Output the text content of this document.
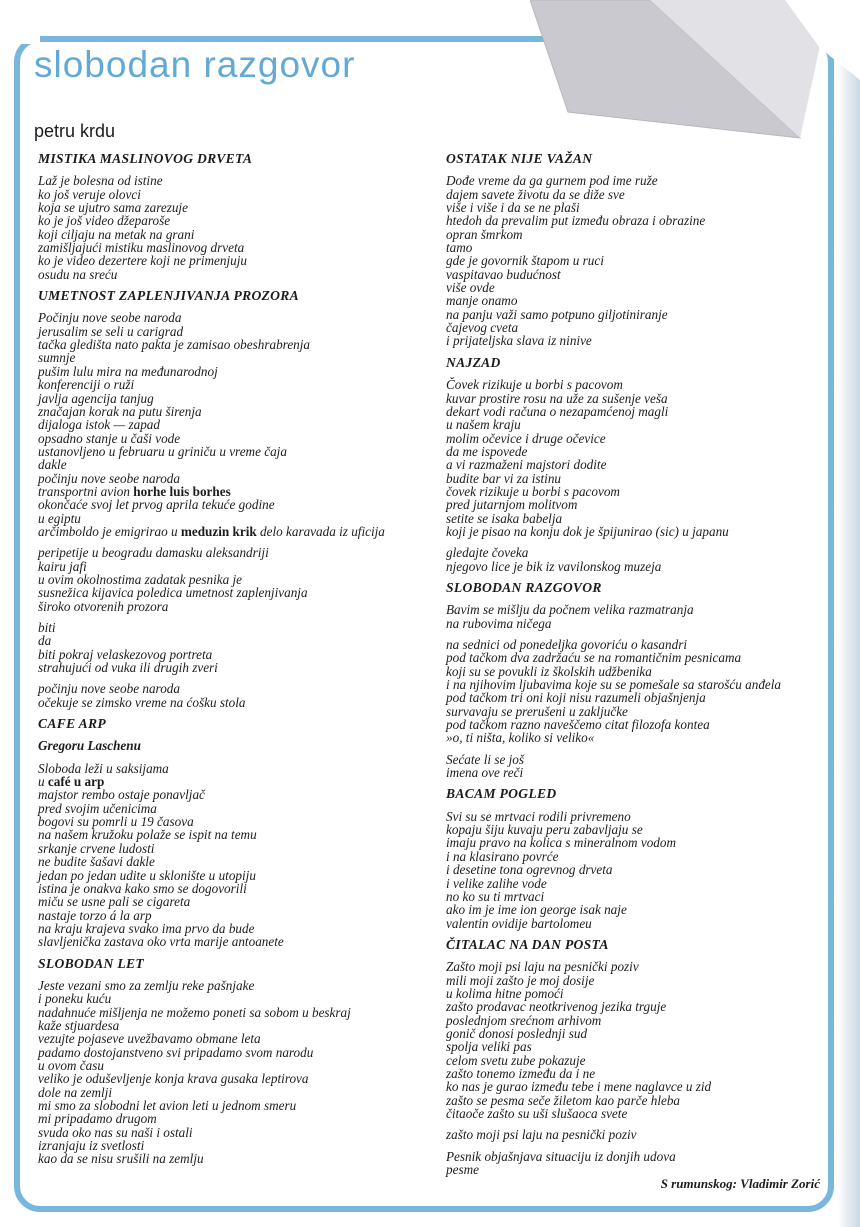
slobodan razgovor
petru krdu
MISTIKA MASLINOVOG DRVETA
Laž je bolesna od istine
ko još veruje olovci
koja se ujutro sama zarezuje
ko je još video džeparoše
koji ciljaju na metak na grani
zamišljajući mistiku maslinovog drveta
ko je video dezertere koji ne primenjuju
osudu na sreću
UMETNOST ZAPLENJIVANJA PROZORA
Počinju nove seobe naroda
jerusalim se seli u carigrad
tačka gledišta nato pakta je zamisao obeshrabrenja
sumnje
pušim lulu mira na međunarodnoj
konferenciji o ruži
javlja agencija tanjug
značajan korak na putu širenja
dijaloga istok — zapad
opsadno stanje u čaši vode
ustanovljeno u februaru u griniču u vreme čaja
dakle
počinju nove seobe naroda
transportni avion horhe luis borhes
okončaće svoj let prvog aprila tekuće godine
u egiptu
arčimboldo je emigrirao u meduzin krik delo karavada iz uficija
peripetije u beogradu damasku aleksandriji
kairu jafi
u ovim okolnostima zadatak pesnika je
susnežica kijavica poledica umetnost zaplenjivanja
široko otvorenih prozora
biti
da
biti pokraj velaskezovog portreta
strahujući od vuka ili drugih zveri
počinju nove seobe naroda
očekuje se zimsko vreme na ćošku stola
CAFE ARP
Gregoru Laschenu
Sloboda leži u saksijama
u café u arp
majstor rembo ostaje ponavljač
pred svojim učenicima
bogovi su pomrli u 19 časova
na našem kružoku polaže se ispit na temu
srkanje crvene ludosti
ne budite šašavi dakle
jedan po jedan udite u sklonište u utopiju
istina je onakva kako smo se dogovorili
miču se usne pali se cigareta
nastaje torzo á la arp
na kraju krajeva svako ima prvo da bude
slavljenička zastava oko vrta marije antoanete
SLOBODAN LET
Jeste vezani smo za zemlju reke pašnjake
i poneku kuću
nadahnuće mišljenja ne možemo poneti sa sobom u beskraj
kaže stjuardesa
vezujte pojaseve uvežbavamo obmane leta
padamo dostojanstveno svi pripadamo svom narodu
u ovom času
veliko je oduševljenje konja krava gusaka leptirova
dole na zemlji
mi smo za slobodni let avion leti u jednom smeru
mi pripadamo drugom
svuda oko nas su naši i ostali
izranjaju iz svetlosti
kao da se nisu srušili na zemlju
OSTATAK NIJE VAŽAN
Dođe vreme da ga gurnem pod ime ruže
dajem savete životu da se diže sve
više i više i da se ne plaši
htedoh da prevalim put između obraza i obrazine
opran šmrkom
tamo
gde je govornik štapom u ruci
vaspitavao budućnost
više ovde
manje onamo
na panju važi samo potpuno giljotiniranje
čajevog cveta
i prijateljska slava iz ninive
NAJZAD
Čovek rizikuje u borbi s pacovom
kuvar prostire rosu na uže za sušenje veša
dekart vodi računa o nezapamćenoj magli
u našem kraju
molim očevice i druge očevice
da me ispovede
a vi razmaženi majstori dodite
budite bar vi za istinu
čovek rizikuje u borbi s pacovom
pred jutarnjom molitvom
setite se isaka babelja
koji je pisao na konju dok je špijunirao (sic) u japanu
gledajte čoveka
njegovo lice je bik iz vavilonskog muzeja
SLOBODAN RAZGOVOR
Bavim se mišlju da počnem velika razmatranja
na rubovima ničega
na sednici od ponedeljka govoriću o kasandri
pod tačkom dva zadržaću se na romantičnim pesnicama
koji su se povukli iz školskih udžbenika
i na njihovim ljubavima koje su se pomešale sa starošću anđela
pod tačkom tri oni koji nisu razumeli objašnjenja
survavaju se prerušeni u zaključke
pod tačkom razno naveščemo citat filozofa kontea
»o, ti ništa, koliko si veliko«
Sećate li se još
imena ove reči
BACAM POGLED
Svi su se mrtvaci rodili privremeno
kopaju šiju kuvaju peru zabavljaju se
imaju pravo na kolica s mineralnom vodom
i na klasirano povrće
i desetine tona ogrevnog drveta
i velike zalihe vode
no ko su ti mrtvaci
ako im je ime ion george isak naje
valentin ovidije bartolomeu
ČITALAC NA DAN POSTA
Zašto moji psi laju na pesnički poziv
mili moji zašto je moj dosije
u kolima hitne pomoći
zašto prodavac neotkrivenog jezika trguje
poslednjom srećnom arhivom
gonič donosi poslednji sud
spolja veliki pas
celom svetu zube pokazuje
zašto tonemo između da i ne
ko nas je gurao između tebe i mene naglavce u zid
zašto se pesma seče žiletom kao parče hleba
čitaoče zašto su uši slušaoca svete
zašto moji psi laju na pesnički poziv
Pesnik objašnjava situaciju iz donjih udova
pesme
S rumunskog: Vladimir Zorić
